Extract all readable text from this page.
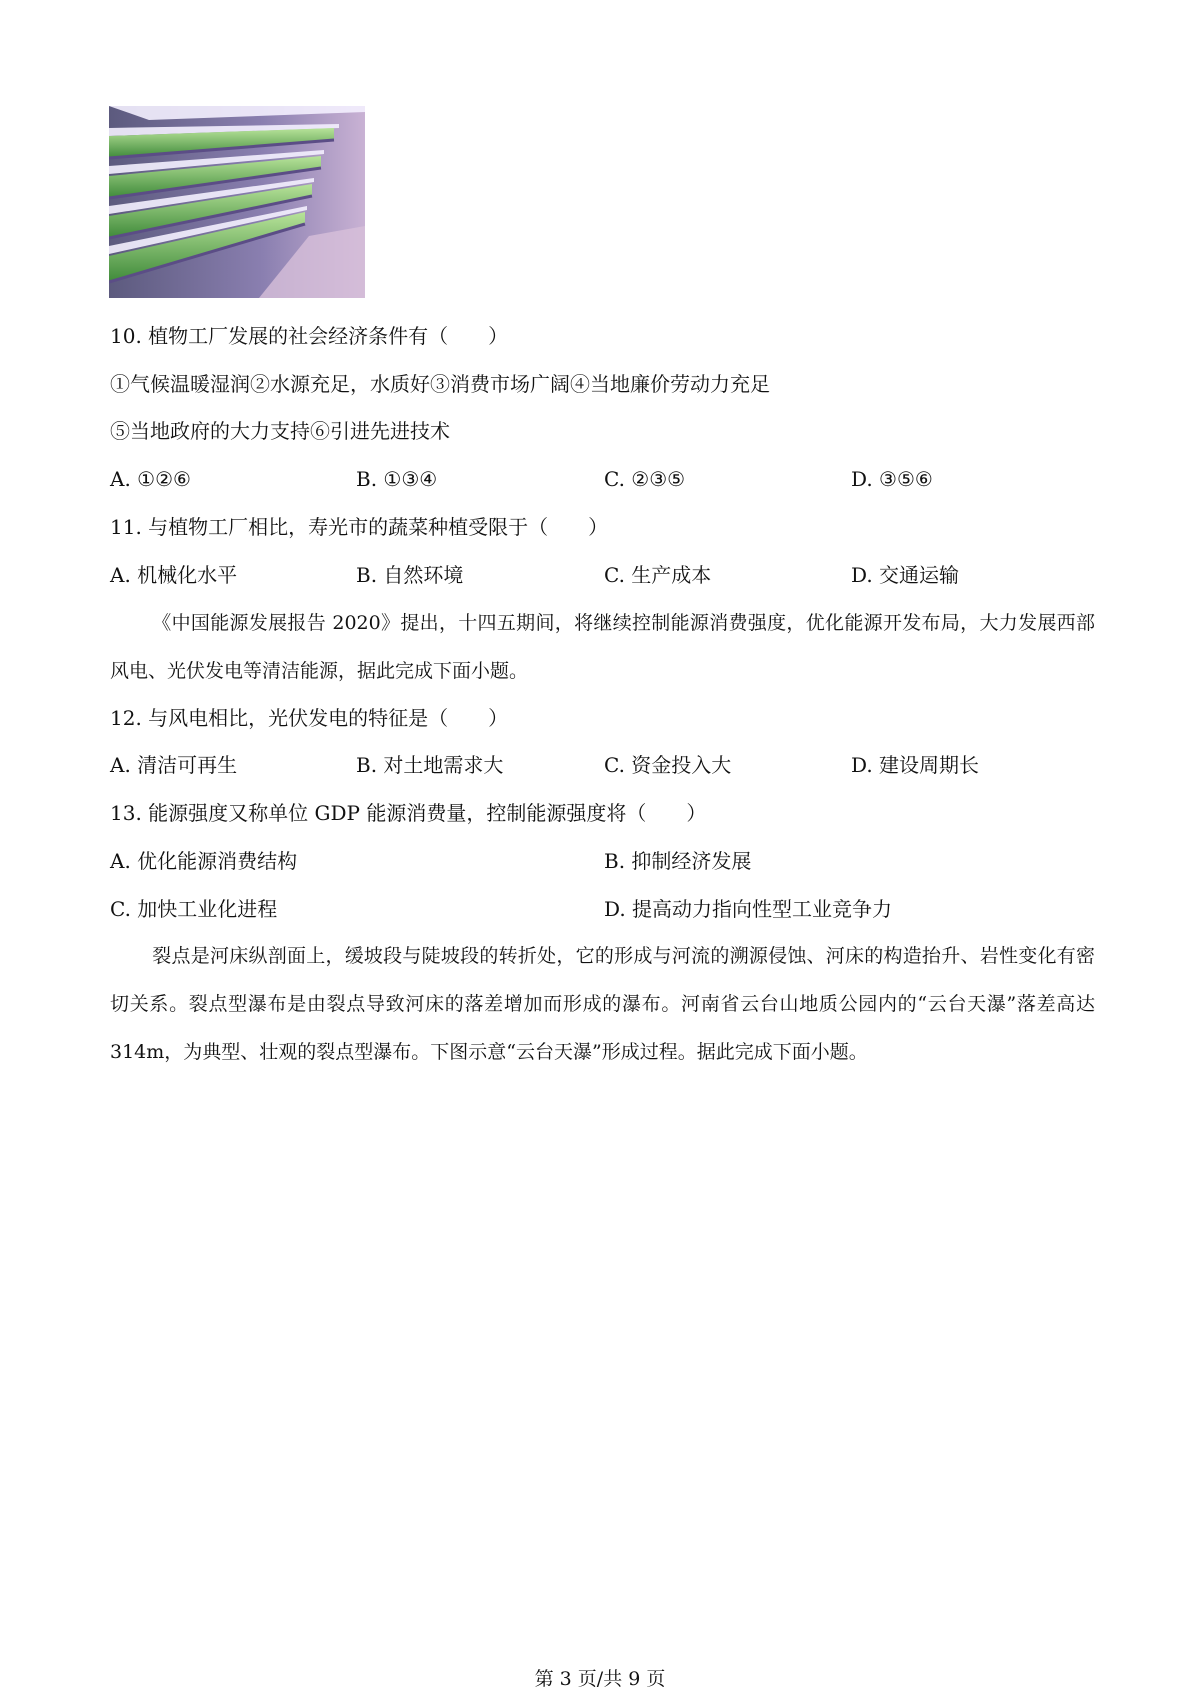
10. 植物工厂发展的社会经济条件有（　　）
①气候温暖湿润②水源充足，水质好③消费市场广阔④当地廉价劳动力充足
⑤当地政府的大力支持⑥引进先进技术
A. ①②⑥	B. ①③④	C. ②③⑤	D. ③⑤⑥
11. 与植物工厂相比，寿光市的蔬菜种植受限于（　　）
A. 机械化水平	B. 自然环境	C. 生产成本	D. 交通运输
《中国能源发展报告 2020》提出，十四五期间，将继续控制能源消费强度，优化能源开发布局，大力发展西部风电、光伏发电等清洁能源，据此完成下面小题。
12. 与风电相比，光伏发电的特征是（　　）
A. 清洁可再生	B. 对土地需求大	C. 资金投入大	D. 建设周期长
13. 能源强度又称单位 GDP 能源消费量，控制能源强度将（　　）
A. 优化能源消费结构	B. 抑制经济发展
C. 加快工业化进程	D. 提高动力指向性型工业竞争力
裂点是河床纵剖面上，缓坡段与陡坡段的转折处，它的形成与河流的溯源侵蚀、河床的构造抬升、岩性变化有密切关系。裂点型瀑布是由裂点导致河床的落差增加而形成的瀑布。河南省云台山地质公园内的“云台天瀑”落差高达 314m，为典型、壮观的裂点型瀑布。下图示意“云台天瀑”形成过程。据此完成下面小题。
第 3 页/共 9 页
